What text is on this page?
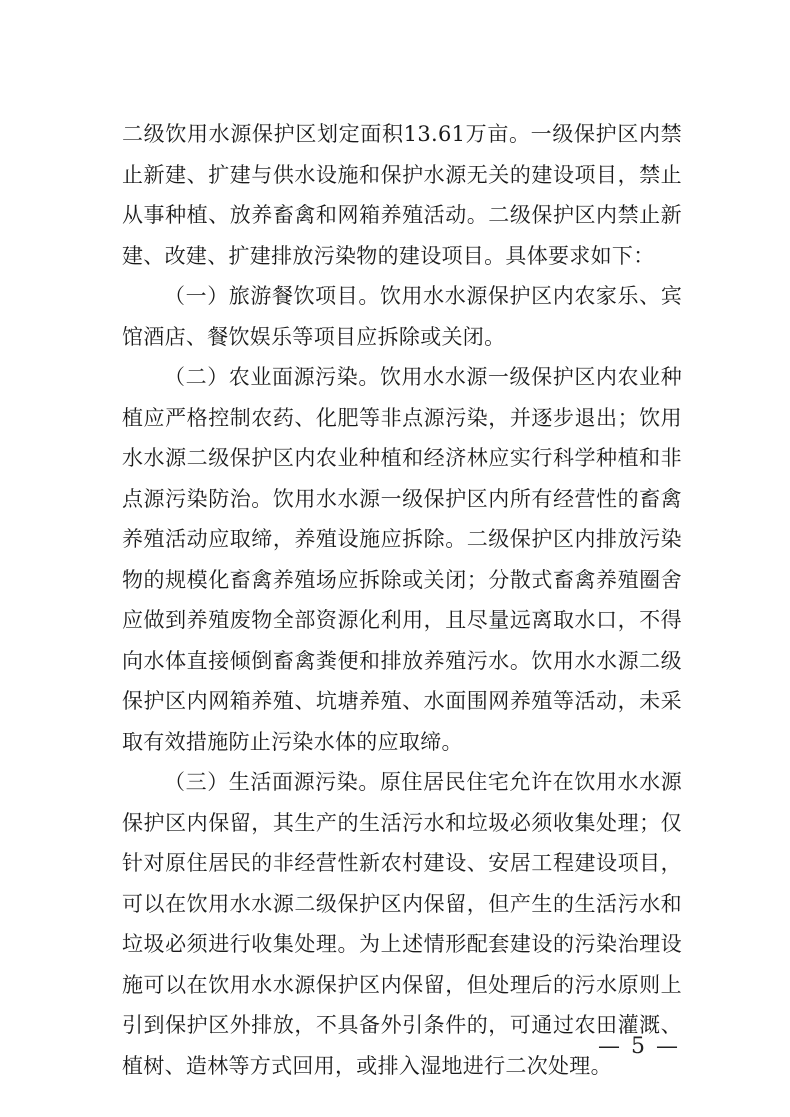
二级饮用水源保护区划定面积13.61万亩。一级保护区内禁止新建、扩建与供水设施和保护水源无关的建设项目，禁止从事种植、放养畜禽和网箱养殖活动。二级保护区内禁止新建、改建、扩建排放污染物的建设项目。具体要求如下：

（一）旅游餐饮项目。饮用水水源保护区内农家乐、宾馆酒店、餐饮娱乐等项目应拆除或关闭。

（二）农业面源污染。饮用水水源一级保护区内农业种植应严格控制农药、化肥等非点源污染，并逐步退出；饮用水水源二级保护区内农业种植和经济林应实行科学种植和非点源污染防治。饮用水水源一级保护区内所有经营性的畜禽养殖活动应取缔，养殖设施应拆除。二级保护区内排放污染物的规模化畜禽养殖场应拆除或关闭；分散式畜禽养殖圈舍应做到养殖废物全部资源化利用，且尽量远离取水口，不得向水体直接倾倒畜禽粪便和排放养殖污水。饮用水水源二级保护区内网箱养殖、坑塘养殖、水面围网养殖等活动，未采取有效措施防止污染水体的应取缔。

（三）生活面源污染。原住居民住宅允许在饮用水水源保护区内保留，其生产的生活污水和垃圾必须收集处理；仅针对原住居民的非经营性新农村建设、安居工程建设项目，可以在饮用水水源二级保护区内保留，但产生的生活污水和垃圾必须进行收集处理。为上述情形配套建设的污染治理设施可以在饮用水水源保护区内保留，但处理后的污水原则上引到保护区外排放，不具备外引条件的，可通过农田灌溉、植树、造林等方式回用，或排入湿地进行二次处理。

— 5 —
